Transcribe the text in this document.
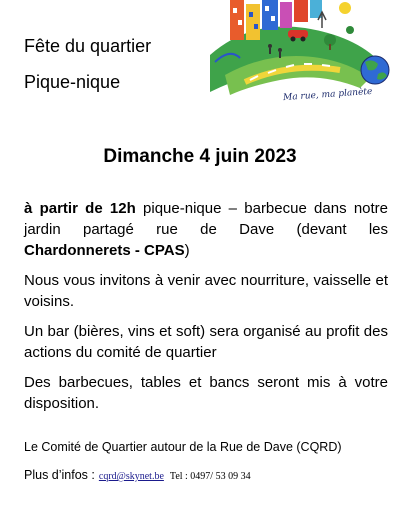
Fête du quartier
Pique-nique
Ma rue, ma planète
Dimanche 4 juin 2023
à partir de 12h pique-nique – barbecue dans notre jardin partagé rue de Dave (devant les Chardonnerets - CPAS)
Nous vous invitons à venir avec nourriture, vaisselle et voisins.
Un bar (bières, vins et soft) sera organisé au profit des actions du comité de quartier
Des barbecues, tables et bancs seront mis à votre disposition.
Le Comité de Quartier autour de la Rue de Dave (CQRD)
Plus d’infos : cqrd@skynet.be Tel : 0497/ 53 09 34
